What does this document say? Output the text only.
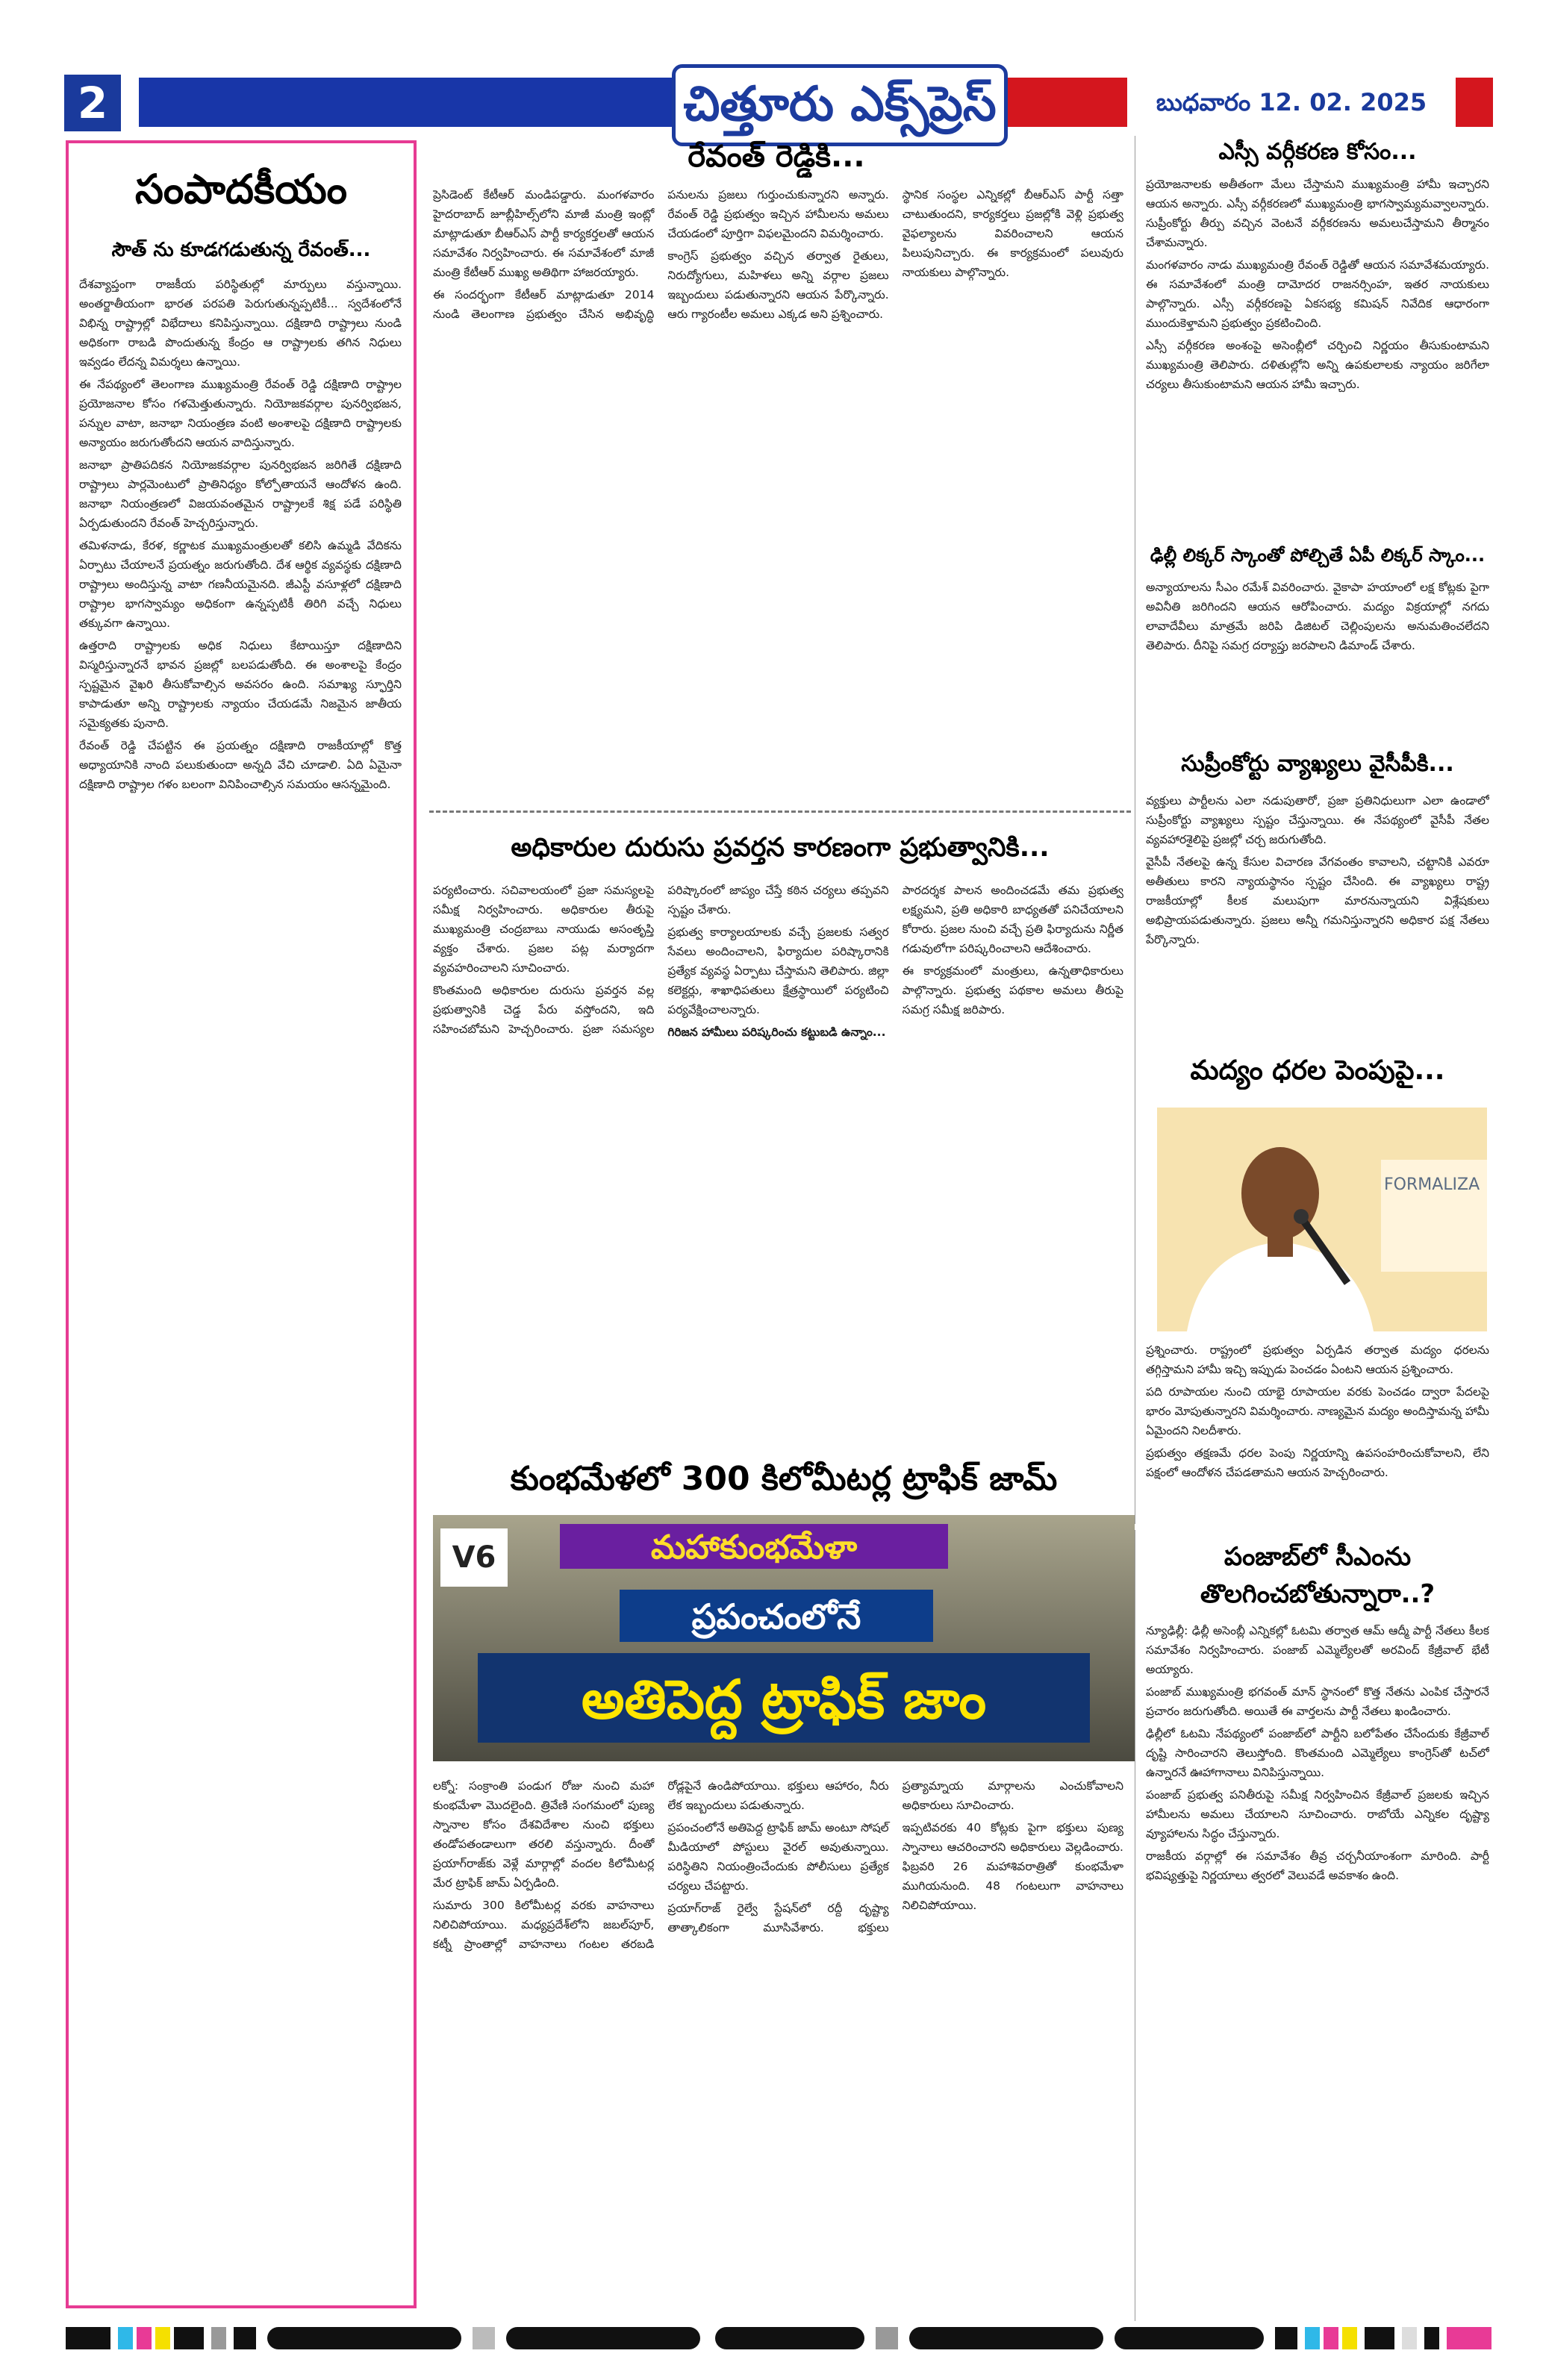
2	చిత్తూరు ఎక్స్‌ప్రెస్	బుధవారం 12. 02. 2025
సంపాదకీయం
సౌత్ ను కూడగడుతున్న రేవంత్...

దేశవ్యాప్తంగా రాజకీయ పరిస్థితుల్లో మార్పులు వస్తున్నాయి. అంతర్జాతీయంగా భారత పరపతి పెరుగుతున్నప్పటికీ... స్వదేశంలోనే విభిన్న రాష్ట్రాల్లో విభేదాలు కనిపిస్తున్నాయి. దక్షిణాది రాష్ట్రాలు నుండి అధికంగా రాబడి పొందుతున్న కేంద్రం ఆ రాష్ట్రాలకు తగిన నిధులు ఇవ్వడం లేదన్న విమర్శలు ఉన్నాయి.

ఈ నేపథ్యంలో తెలంగాణ ముఖ్యమంత్రి రేవంత్ రెడ్డి దక్షిణాది రాష్ట్రాల ప్రయోజనాల కోసం గళమెత్తుతున్నారు. నియోజకవర్గాల పునర్విభజన, పన్నుల వాటా, జనాభా నియంత్రణ వంటి అంశాలపై దక్షిణాది రాష్ట్రాలకు అన్యాయం జరుగుతోందని ఆయన వాదిస్తున్నారు.

జనాభా ప్రాతిపదికన నియోజకవర్గాల పునర్విభజన జరిగితే దక్షిణాది రాష్ట్రాలు పార్లమెంటులో ప్రాతినిధ్యం కోల్పోతాయనే ఆందోళన ఉంది. జనాభా నియంత్రణలో విజయవంతమైన రాష్ట్రాలకే శిక్ష పడే పరిస్థితి ఏర్పడుతుందని రేవంత్ హెచ్చరిస్తున్నారు.

తమిళనాడు, కేరళ, కర్ణాటక ముఖ్యమంత్రులతో కలిసి ఉమ్మడి వేదికను ఏర్పాటు చేయాలనే ప్రయత్నం జరుగుతోంది. దేశ ఆర్థిక వ్యవస్థకు దక్షిణాది రాష్ట్రాలు అందిస్తున్న వాటా గణనీయమైనది. జీఎస్టీ వసూళ్లలో దక్షిణాది రాష్ట్రాల భాగస్వామ్యం అధికంగా ఉన్నప్పటికీ తిరిగి వచ్చే నిధులు తక్కువగా ఉన్నాయి.

ఉత్తరాది రాష్ట్రాలకు అధిక నిధులు కేటాయిస్తూ దక్షిణాదిని విస్మరిస్తున్నారనే భావన ప్రజల్లో బలపడుతోంది. ఈ అంశాలపై కేంద్రం స్పష్టమైన వైఖరి తీసుకోవాల్సిన అవసరం ఉంది. సమాఖ్య స్ఫూర్తిని కాపాడుతూ అన్ని రాష్ట్రాలకు న్యాయం చేయడమే నిజమైన జాతీయ సమైక్యతకు పునాది.

రేవంత్ రెడ్డి చేపట్టిన ఈ ప్రయత్నం దక్షిణాది రాజకీయాల్లో కొత్త అధ్యాయానికి నాంది పలుకుతుందా అన్నది వేచి చూడాలి. ఏది ఏమైనా దక్షిణాది రాష్ట్రాల గళం బలంగా వినిపించాల్సిన సమయం ఆసన్నమైంది.

రేవంత్ రెడ్డికి...

ప్రెసిడెంట్ కేటీఆర్ మండిపడ్డారు. మంగళవారం హైదరాబాద్ జూబ్లీహిల్స్‌లోని మాజీ మంత్రి ఇంట్లో మాట్లాడుతూ బీఆర్ఎస్ పార్టీ కార్యకర్తలతో ఆయన సమావేశం నిర్వహించారు. ఈ సమావేశంలో మాజీ మంత్రి కేటీఆర్ ముఖ్య అతిథిగా హాజరయ్యారు.

ఈ సందర్భంగా కేటీఆర్ మాట్లాడుతూ 2014 నుండి తెలంగాణ ప్రభుత్వం చేసిన అభివృద్ధి పనులను ప్రజలు గుర్తుంచుకున్నారని అన్నారు. రేవంత్ రెడ్డి ప్రభుత్వం ఇచ్చిన హామీలను అమలు చేయడంలో పూర్తిగా విఫలమైందని విమర్శించారు.

కాంగ్రెస్ ప్రభుత్వం వచ్చిన తర్వాత రైతులు, నిరుద్యోగులు, మహిళలు అన్ని వర్గాల ప్రజలు ఇబ్బందులు పడుతున్నారని ఆయన పేర్కొన్నారు. ఆరు గ్యారంటీల అమలు ఎక్కడ అని ప్రశ్నించారు.

స్థానిక సంస్థల ఎన్నికల్లో బీఆర్ఎస్ పార్టీ సత్తా చాటుతుందని, కార్యకర్తలు ప్రజల్లోకి వెళ్లి ప్రభుత్వ వైఫల్యాలను వివరించాలని ఆయన పిలుపునిచ్చారు. ఈ కార్యక్రమంలో పలువురు నాయకులు పాల్గొన్నారు.

ఎస్సీ వర్గీకరణ కోసం...

ప్రయోజనాలకు అతీతంగా మేలు చేస్తామని ముఖ్యమంత్రి హామీ ఇచ్చారని ఆయన అన్నారు. ఎస్సీ వర్గీకరణలో ముఖ్యమంత్రి భాగస్వామ్యమవ్వాలన్నారు. సుప్రీంకోర్టు తీర్పు వచ్చిన వెంటనే వర్గీకరణను అమలుచేస్తామని తీర్మానం చేశామన్నారు.

మంగళవారం నాడు ముఖ్యమంత్రి రేవంత్ రెడ్డితో ఆయన సమావేశమయ్యారు. ఈ సమావేశంలో మంత్రి దామోదర రాజనర్సింహ, ఇతర నాయకులు పాల్గొన్నారు. ఎస్సీ వర్గీకరణపై ఏకసభ్య కమిషన్ నివేదిక ఆధారంగా ముందుకెళ్తామని ప్రభుత్వం ప్రకటించింది.

ఎస్సీ వర్గీకరణ అంశంపై అసెంబ్లీలో చర్చించి నిర్ణయం తీసుకుంటామని ముఖ్యమంత్రి తెలిపారు. దళితుల్లోని అన్ని ఉపకులాలకు న్యాయం జరిగేలా చర్యలు తీసుకుంటామని ఆయన హామీ ఇచ్చారు.

ఢిల్లీ లిక్కర్ స్కాంతో పోల్చితే ఏపీ లిక్కర్ స్కాం...

అన్యాయాలను సీఎం రమేశ్ వివరించారు. వైకాపా హయాంలో లక్ష కోట్లకు పైగా అవినీతి జరిగిందని ఆయన ఆరోపించారు. మద్యం విక్రయాల్లో నగదు లావాదేవీలు మాత్రమే జరిపి డిజిటల్ చెల్లింపులను అనుమతించలేదని తెలిపారు. దీనిపై సమగ్ర దర్యాప్తు జరపాలని డిమాండ్ చేశారు.

సుప్రీంకోర్టు వ్యాఖ్యలు వైసీపీకి...

వ్యక్తులు పార్టీలను ఎలా నడుపుతారో, ప్రజా ప్రతినిధులుగా ఎలా ఉండాలో సుప్రీంకోర్టు వ్యాఖ్యలు స్పష్టం చేస్తున్నాయి. ఈ నేపథ్యంలో వైసీపీ నేతల వ్యవహారశైలిపై ప్రజల్లో చర్చ జరుగుతోంది.

వైసీపీ నేతలపై ఉన్న కేసుల విచారణ వేగవంతం కావాలని, చట్టానికి ఎవరూ అతీతులు కారని న్యాయస్థానం స్పష్టం చేసింది. ఈ వ్యాఖ్యలు రాష్ట్ర రాజకీయాల్లో కీలక మలుపుగా మారనున్నాయని విశ్లేషకులు అభిప్రాయపడుతున్నారు. ప్రజలు అన్నీ గమనిస్తున్నారని అధికార పక్ష నేతలు పేర్కొన్నారు.

అధికారుల దురుసు ప్రవర్తన కారణంగా ప్రభుత్వానికి...

పర్యటించారు. సచివాలయంలో ప్రజా సమస్యలపై సమీక్ష నిర్వహించారు. అధికారుల తీరుపై ముఖ్యమంత్రి చంద్రబాబు నాయుడు అసంతృప్తి వ్యక్తం చేశారు. ప్రజల పట్ల మర్యాదగా వ్యవహరించాలని సూచించారు.

కొంతమంది అధికారుల దురుసు ప్రవర్తన వల్ల ప్రభుత్వానికి చెడ్డ పేరు వస్తోందని, ఇది సహించబోమని హెచ్చరించారు. ప్రజా సమస్యల పరిష్కారంలో జాప్యం చేస్తే కఠిన చర్యలు తప్పవని స్పష్టం చేశారు.

ప్రభుత్వ కార్యాలయాలకు వచ్చే ప్రజలకు సత్వర సేవలు అందించాలని, ఫిర్యాదుల పరిష్కారానికి ప్రత్యేక వ్యవస్థ ఏర్పాటు చేస్తామని తెలిపారు. జిల్లా కలెక్టర్లు, శాఖాధిపతులు క్షేత్రస్థాయిలో పర్యటించి పర్యవేక్షించాలన్నారు.

గిరిజన హామీలు పరిష్కరించు కట్టుబడి ఉన్నాం...

పారదర్శక పాలన అందించడమే తమ ప్రభుత్వ లక్ష్యమని, ప్రతి అధికారి బాధ్యతతో పనిచేయాలని కోరారు. ప్రజల నుంచి వచ్చే ప్రతి ఫిర్యాదును నిర్ణీత గడువులోగా పరిష్కరించాలని ఆదేశించారు.

ఈ కార్యక్రమంలో మంత్రులు, ఉన్నతాధికారులు పాల్గొన్నారు. ప్రభుత్వ పథకాల అమలు తీరుపై సమగ్ర సమీక్ష జరిపారు.

మద్యం ధరల పెంపుపై...
FORMALIZA

ప్రశ్నించారు. రాష్ట్రంలో ప్రభుత్వం ఏర్పడిన తర్వాత మద్యం ధరలను తగ్గిస్తామని హామీ ఇచ్చి ఇప్పుడు పెంచడం ఏంటని ఆయన ప్రశ్నించారు.

పది రూపాయల నుంచి యాభై రూపాయల వరకు పెంచడం ద్వారా పేదలపై భారం మోపుతున్నారని విమర్శించారు. నాణ్యమైన మద్యం అందిస్తామన్న హామీ ఏమైందని నిలదీశారు.

ప్రభుత్వం తక్షణమే ధరల పెంపు నిర్ణయాన్ని ఉపసంహరించుకోవాలని, లేని పక్షంలో ఆందోళన చేపడతామని ఆయన హెచ్చరించారు.

పంజాబ్‌లో సీఎంను
తొలగించబోతున్నారా..?

న్యూఢిల్లీ: ఢిల్లీ అసెంబ్లీ ఎన్నికల్లో ఓటమి తర్వాత ఆమ్ ఆద్మీ పార్టీ నేతలు కీలక సమావేశం నిర్వహించారు. పంజాబ్ ఎమ్మెల్యేలతో అరవింద్ కేజ్రీవాల్ భేటీ అయ్యారు.

పంజాబ్ ముఖ్యమంత్రి భగవంత్ మాన్ స్థానంలో కొత్త నేతను ఎంపిక చేస్తారనే ప్రచారం జరుగుతోంది. అయితే ఈ వార్తలను పార్టీ నేతలు ఖండించారు.

ఢిల్లీలో ఓటమి నేపథ్యంలో పంజాబ్‌లో పార్టీని బలోపేతం చేసేందుకు కేజ్రీవాల్ దృష్టి సారించారని తెలుస్తోంది. కొంతమంది ఎమ్మెల్యేలు కాంగ్రెస్‌తో టచ్‌లో ఉన్నారనే ఊహాగానాలు వినిపిస్తున్నాయి.

పంజాబ్ ప్రభుత్వ పనితీరుపై సమీక్ష నిర్వహించిన కేజ్రీవాల్ ప్రజలకు ఇచ్చిన హామీలను అమలు చేయాలని సూచించారు. రాబోయే ఎన్నికల దృష్ట్యా వ్యూహాలను సిద్ధం చేస్తున్నారు.

రాజకీయ వర్గాల్లో ఈ సమావేశం తీవ్ర చర్చనీయాంశంగా మారింది. పార్టీ భవిష్యత్తుపై నిర్ణయాలు త్వరలో వెలువడే అవకాశం ఉంది.

కుంభమేళలో 300 కిలోమీటర్ల ట్రాఫిక్ జామ్
V6	మహాకుంభమేళా
ప్రపంచంలోనే
అతిపెద్ద ట్రాఫిక్ జాం

లక్నో: సంక్రాంతి పండుగ రోజు నుంచి మహా కుంభమేళా మొదలైంది. త్రివేణి సంగమంలో పుణ్య స్నానాల కోసం దేశవిదేశాల నుంచి భక్తులు తండోపతండాలుగా తరలి వస్తున్నారు. దీంతో ప్రయాగ్‌రాజ్‌కు వెళ్లే మార్గాల్లో వందల కిలోమీటర్ల మేర ట్రాఫిక్ జామ్ ఏర్పడింది.

సుమారు 300 కిలోమీటర్ల వరకు వాహనాలు నిలిచిపోయాయి. మధ్యప్రదేశ్‌లోని జబల్‌పూర్, కట్నీ ప్రాంతాల్లో వాహనాలు గంటల తరబడి రోడ్లపైనే ఉండిపోయాయి. భక్తులు ఆహారం, నీరు లేక ఇబ్బందులు పడుతున్నారు.

ప్రపంచంలోనే అతిపెద్ద ట్రాఫిక్ జామ్ అంటూ సోషల్ మీడియాలో పోస్టులు వైరల్ అవుతున్నాయి. పరిస్థితిని నియంత్రించేందుకు పోలీసులు ప్రత్యేక చర్యలు చేపట్టారు.

ప్రయాగ్‌రాజ్ రైల్వే స్టేషన్‌లో రద్దీ దృష్ట్యా తాత్కాలికంగా మూసివేశారు. భక్తులు ప్రత్యామ్నాయ మార్గాలను ఎంచుకోవాలని అధికారులు సూచించారు.

ఇప్పటివరకు 40 కోట్లకు పైగా భక్తులు పుణ్య స్నానాలు ఆచరించారని అధికారులు వెల్లడించారు. ఫిబ్రవరి 26 మహాశివరాత్రితో కుంభమేళా ముగియనుంది. 48 గంటలుగా వాహనాలు నిలిచిపోయాయి.
